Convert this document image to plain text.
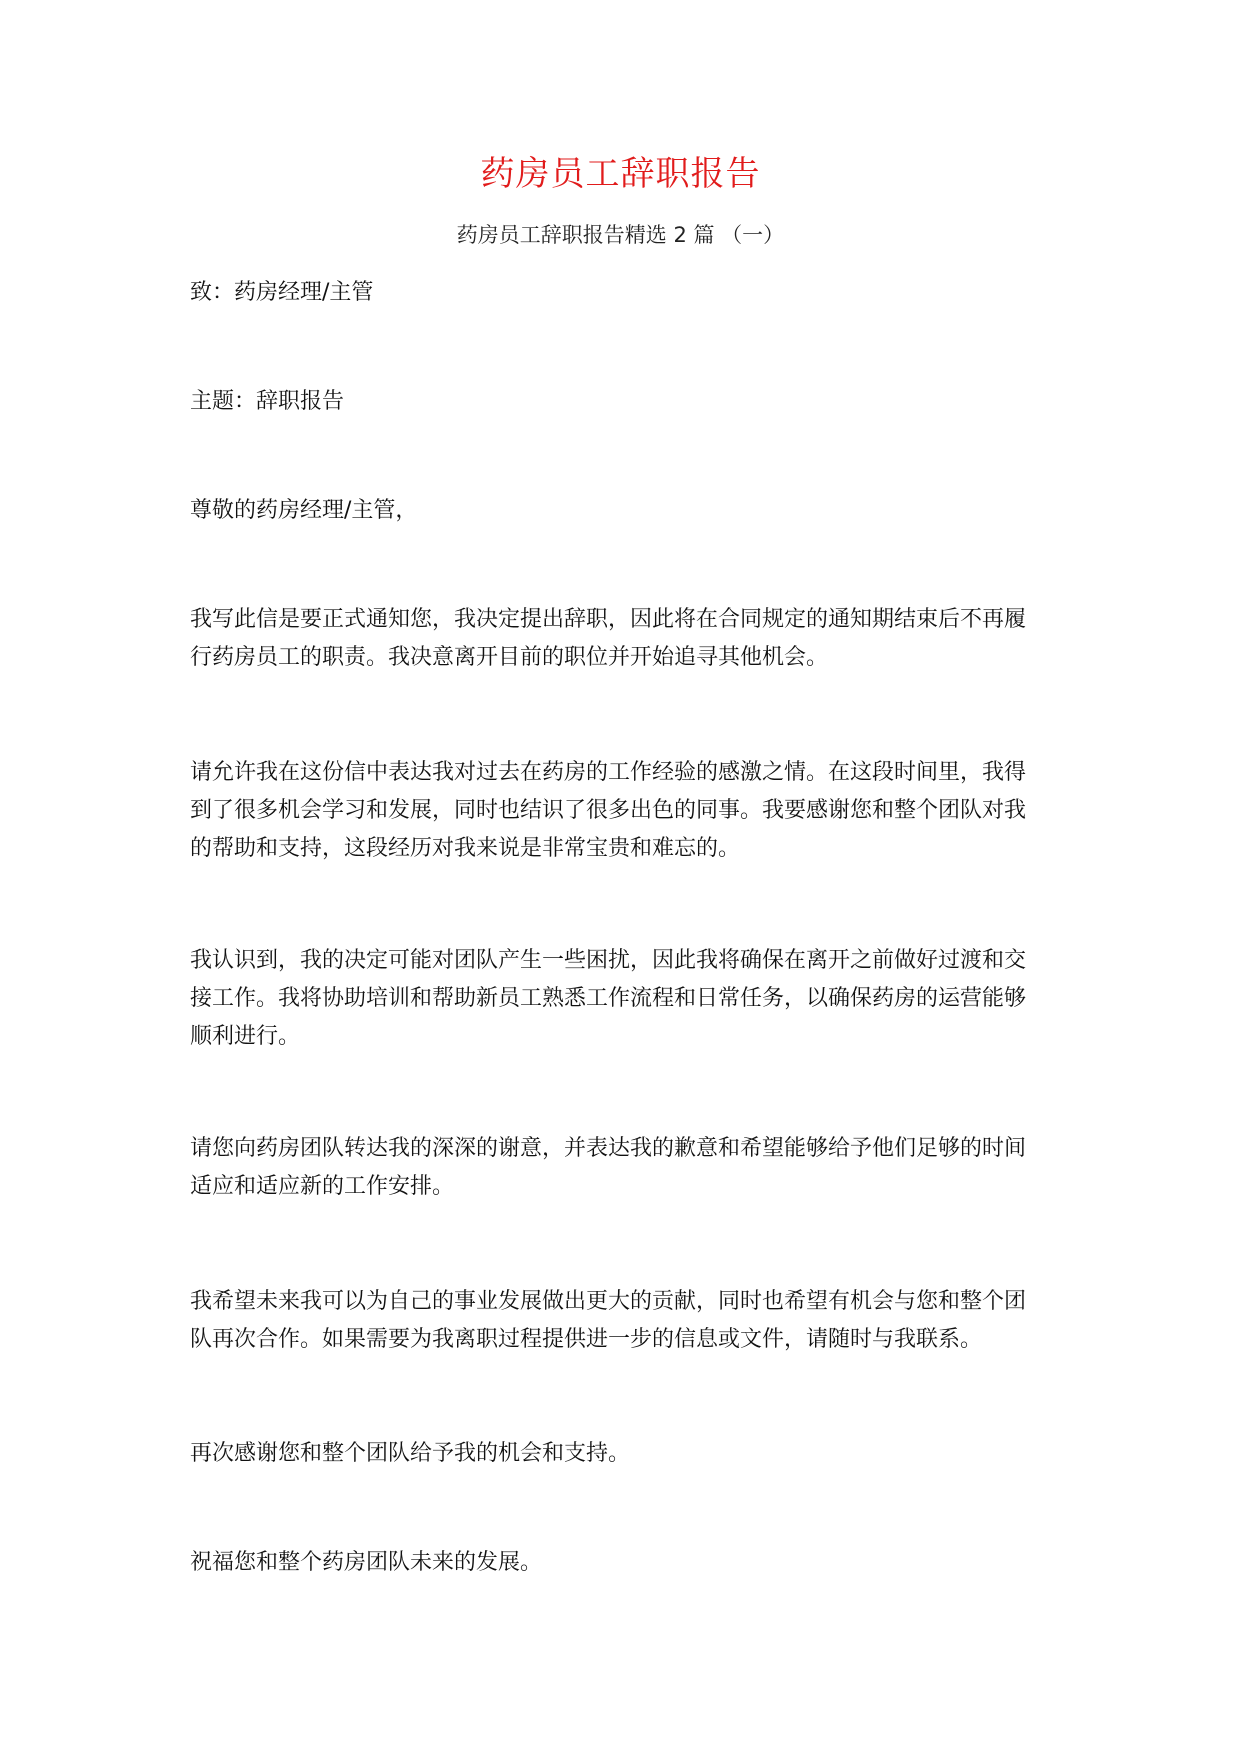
药房员工辞职报告
药房员工辞职报告精选 2 篇 （一）

致：药房经理/主管

主题：辞职报告

尊敬的药房经理/主管，

我写此信是要正式通知您，我决定提出辞职，因此将在合同规定的通知期结束后不再履行药房员工的职责。我决意离开目前的职位并开始追寻其他机会。

请允许我在这份信中表达我对过去在药房的工作经验的感激之情。在这段时间里，我得到了很多机会学习和发展，同时也结识了很多出色的同事。我要感谢您和整个团队对我的帮助和支持，这段经历对我来说是非常宝贵和难忘的。

我认识到，我的决定可能对团队产生一些困扰，因此我将确保在离开之前做好过渡和交接工作。我将协助培训和帮助新员工熟悉工作流程和日常任务，以确保药房的运营能够顺利进行。

请您向药房团队转达我的深深的谢意，并表达我的歉意和希望能够给予他们足够的时间适应和适应新的工作安排。

我希望未来我可以为自己的事业发展做出更大的贡献，同时也希望有机会与您和整个团队再次合作。如果需要为我离职过程提供进一步的信息或文件，请随时与我联系。

再次感谢您和整个团队给予我的机会和支持。

祝福您和整个药房团队未来的发展。
